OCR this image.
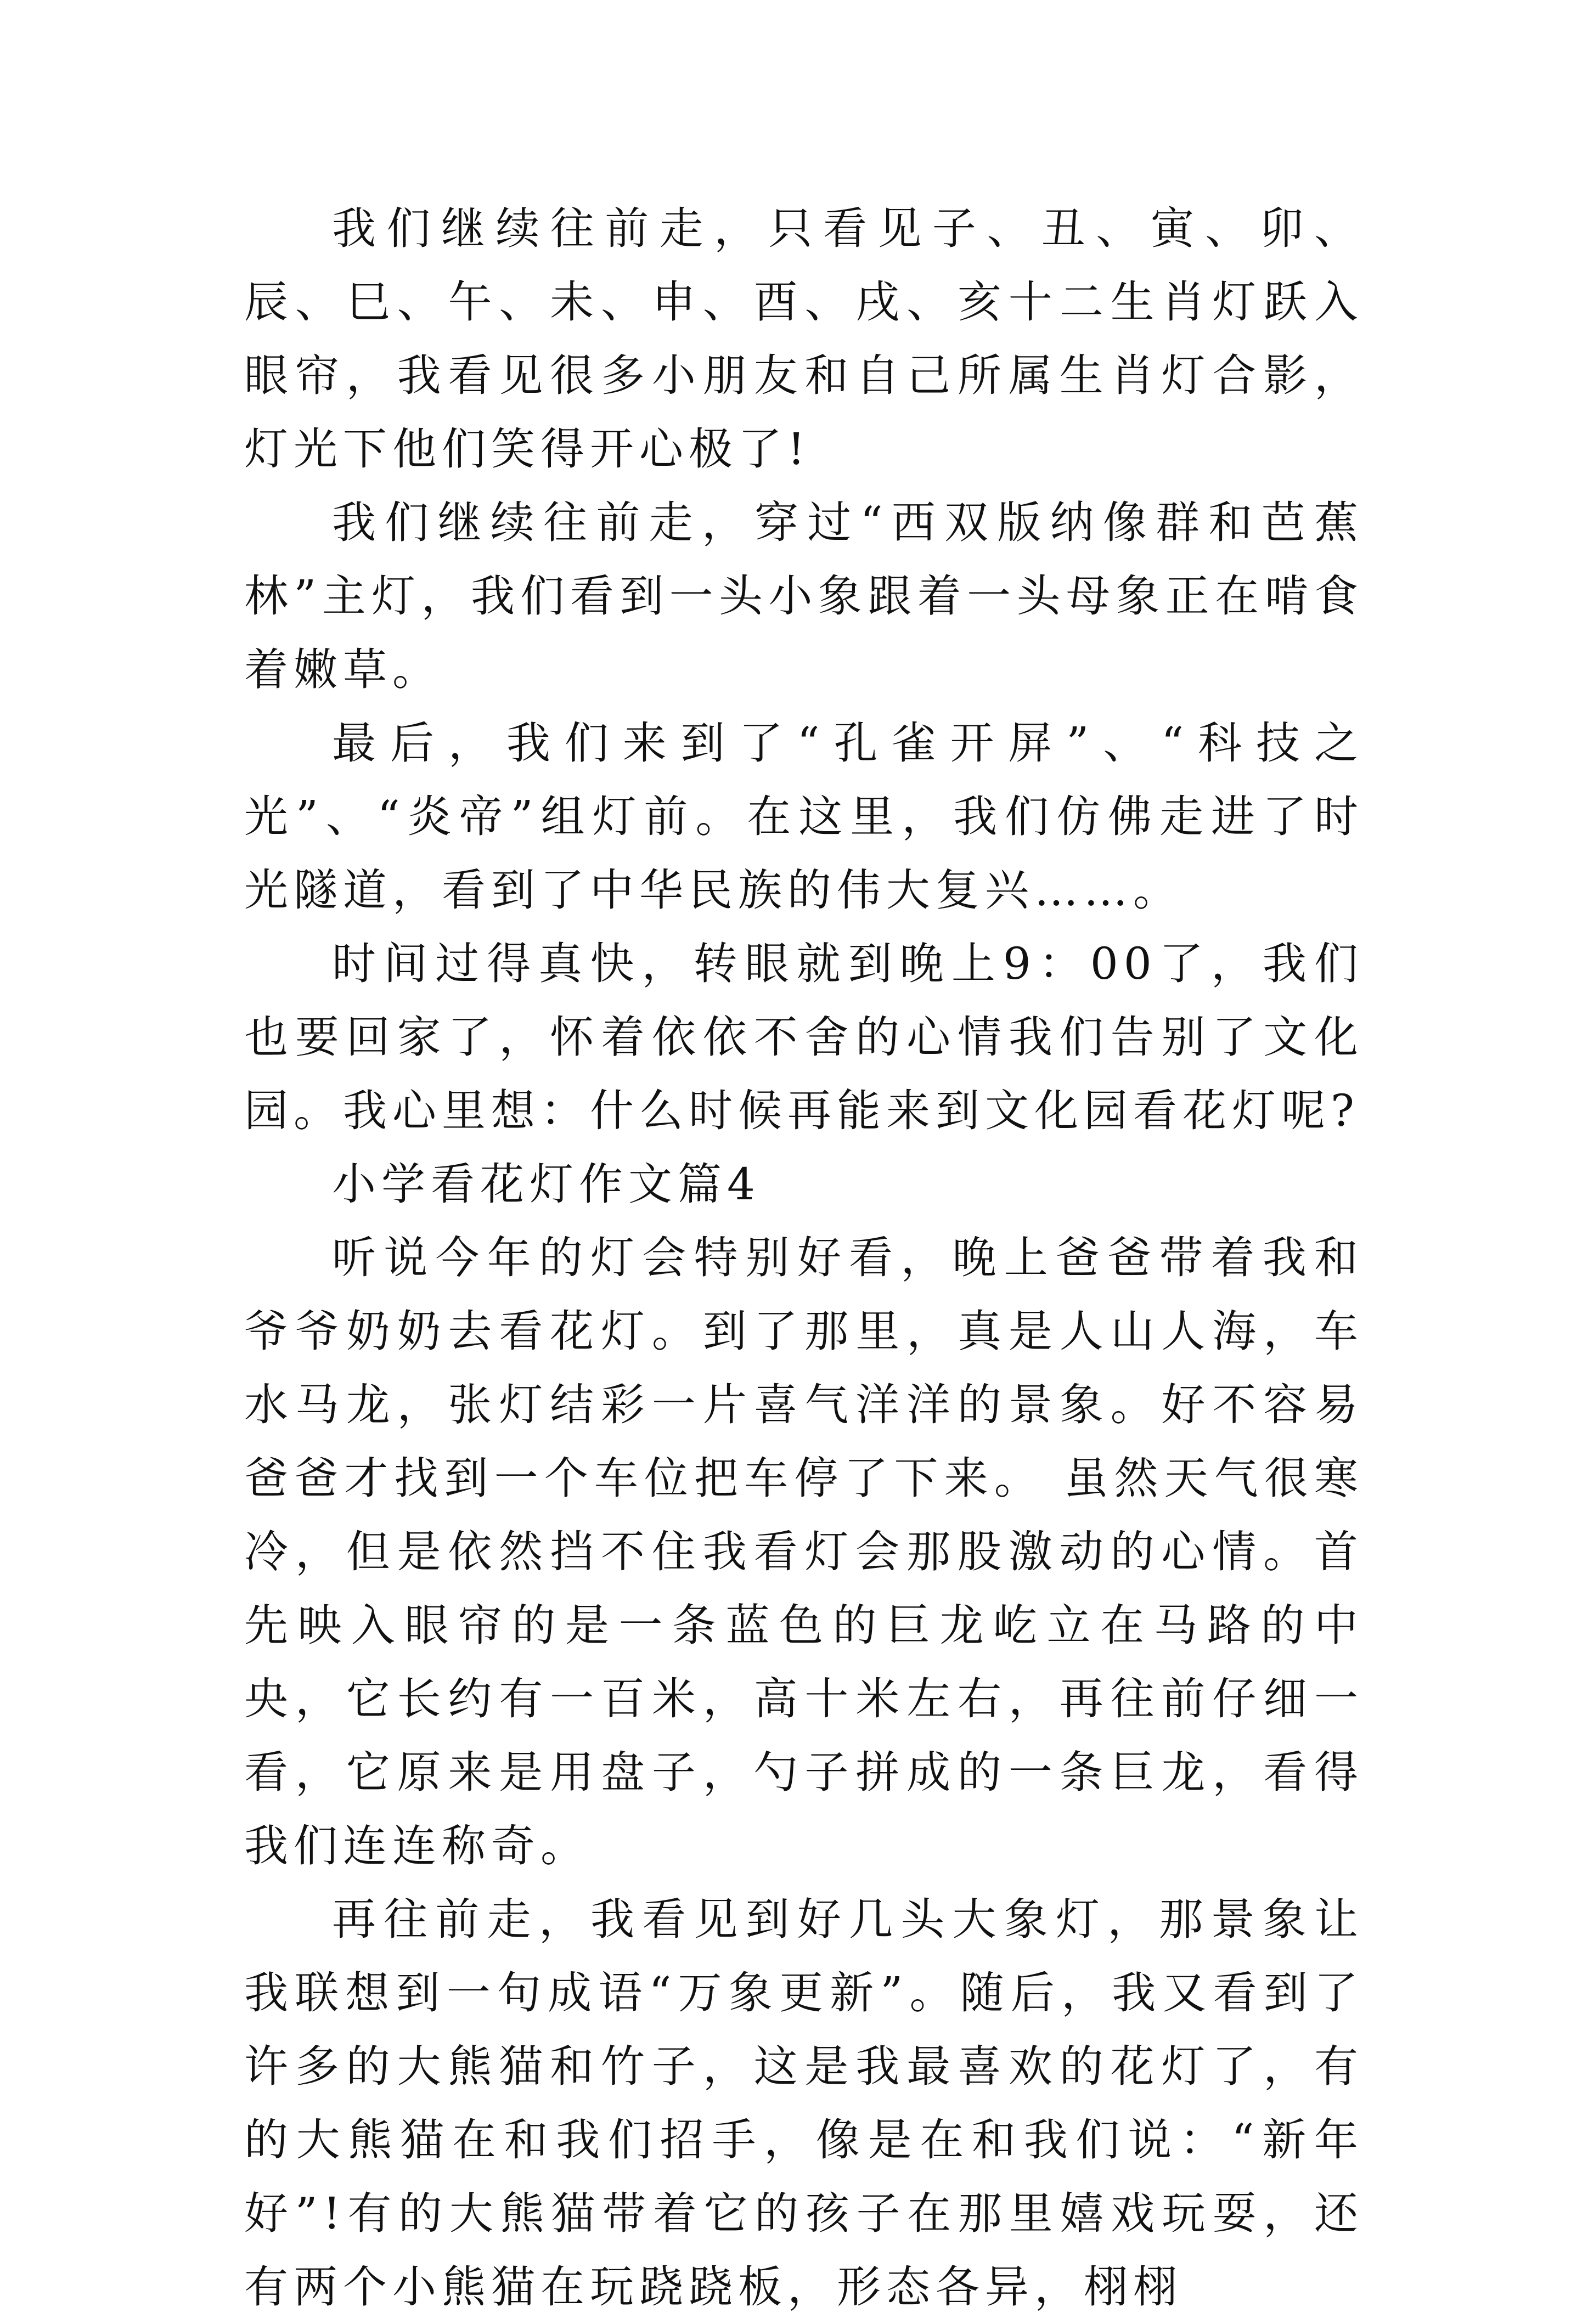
我们继续往前走，只看见子、丑、寅、卯、辰、巳、午、未、申、酉、戌、亥十二生肖灯跃入眼帘，我看见很多小朋友和自己所属生肖灯合影，灯光下他们笑得开心极了!

我们继续往前走，穿过“西双版纳像群和芭蕉林”主灯，我们看到一头小象跟着一头母象正在啃食着嫩草。

最后，我们来到了“孔雀开屏”、“科技之光”、“炎帝”组灯前。在这里，我们仿佛走进了时光隧道，看到了中华民族的伟大复兴……。

时间过得真快，转眼就到晚上9：00了，我们也要回家了，怀着依依不舍的心情我们告别了文化园。我心里想：什么时候再能来到文化园看花灯呢?

小学看花灯作文篇4

听说今年的灯会特别好看，晚上爸爸带着我和爷爷奶奶去看花灯。到了那里，真是人山人海，车水马龙，张灯结彩一片喜气洋洋的景象。好不容易爸爸才找到一个车位把车停了下来。 虽然天气很寒冷，但是依然挡不住我看灯会那股激动的心情。首先映入眼帘的是一条蓝色的巨龙屹立在马路的中央，它长约有一百米，高十米左右，再往前仔细一看，它原来是用盘子，勺子拼成的一条巨龙，看得我们连连称奇。

再往前走，我看见到好几头大象灯，那景象让我联想到一句成语“万象更新”。随后，我又看到了许多的大熊猫和竹子，这是我最喜欢的花灯了，有的大熊猫在和我们招手，像是在和我们说：“新年好”!有的大熊猫带着它的孩子在那里嬉戏玩耍，还有两个小熊猫在玩跷跷板，形态各异，栩栩
